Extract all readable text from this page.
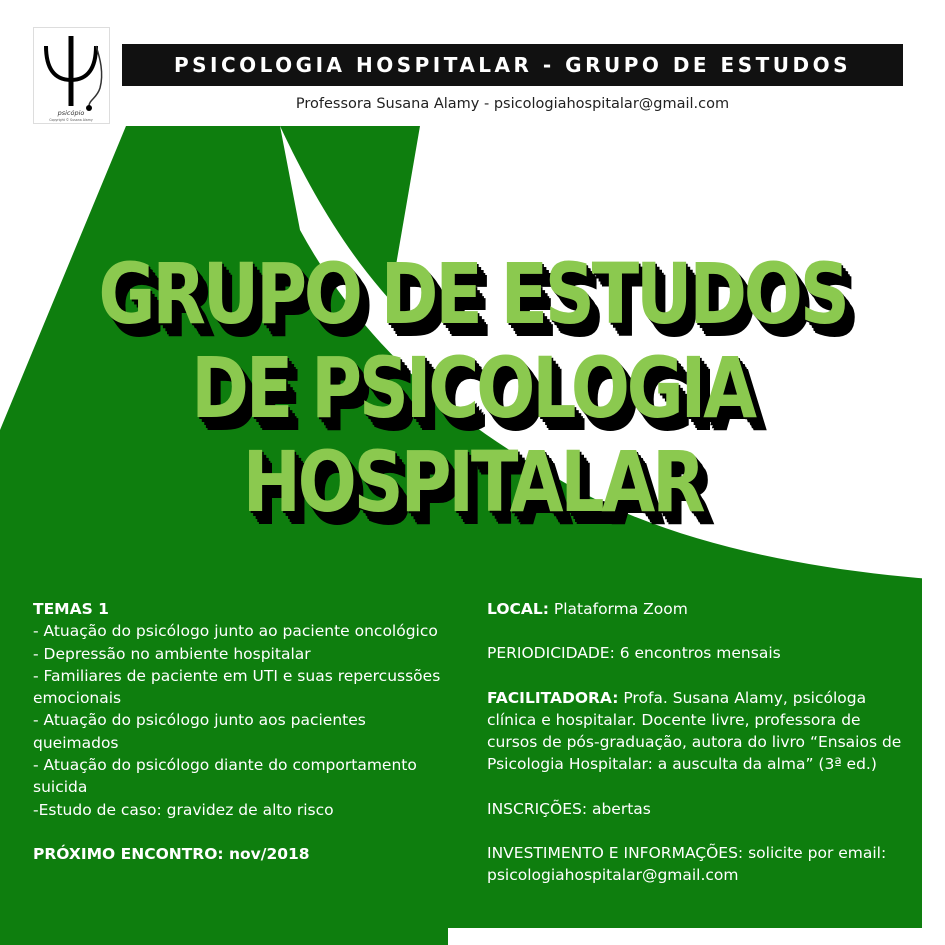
psicópio
Copyright © Susana Alamy
PSICOLOGIA HOSPITALAR - GRUPO DE ESTUDOS
Professora Susana Alamy - psicologiahospitalar@gmail.com
GRUPO DE ESTUDOS
DE PSICOLOGIA
HOSPITALAR

TEMAS 1

- Atuação do psicólogo junto ao paciente oncológico

- Depressão no ambiente hospitalar

- Familiares de paciente em UTI e suas repercussões emocionais

- Atuação do psicólogo junto aos pacientes queimados

- Atuação do psicólogo diante do comportamento suicida

-Estudo de caso: gravidez de alto risco

PRÓXIMO ENCONTRO: nov/2018

LOCAL: Plataforma Zoom

PERIODICIDADE: 6 encontros mensais

FACILITADORA: Profa. Susana Alamy, psicóloga clínica e hospitalar. Docente livre, professora de cursos de pós-graduação, autora do livro “Ensaios de Psicologia Hospitalar: a ausculta da alma” (3ª ed.)

INSCRIÇÕES: abertas

INVESTIMENTO E INFORMAÇÕES: solicite por email: psicologiahospitalar@gmail.com
